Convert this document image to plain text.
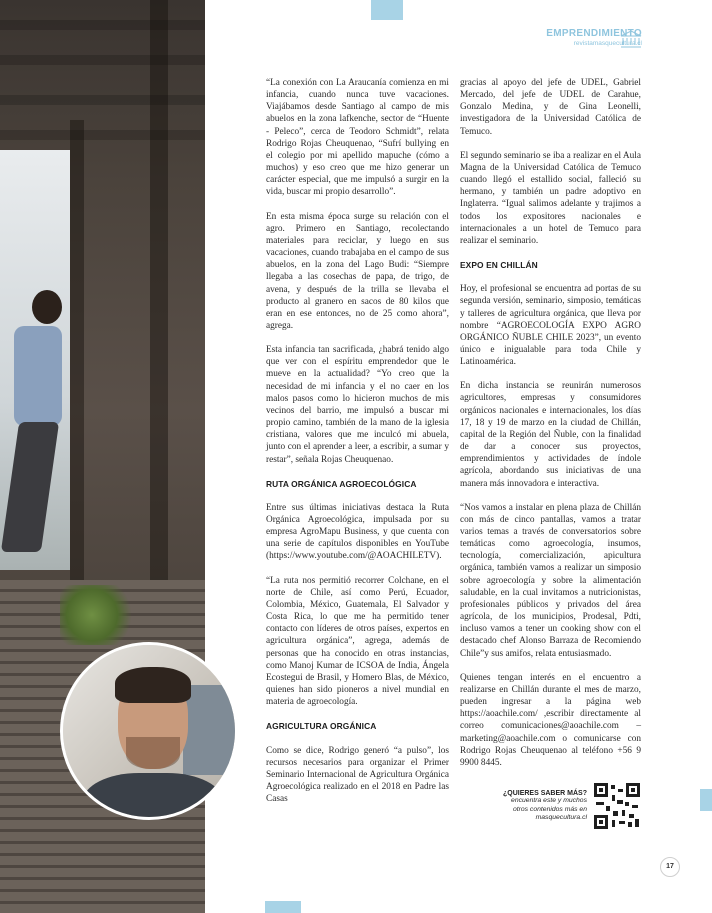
EMPRENDIMIENTO
revistamasquecultura.cl

“La conexión con La Araucanía comienza en mi infancia, cuando nunca tuve vacaciones. Viajábamos desde Santiago al campo de mis abuelos en la zona lafkenche, sector de “Huente - Peleco”, cerca de Teodoro Schmidt”, relata Rodrigo Rojas Cheuquenao, “Sufrí bullying en el colegio por mi apellido mapuche (cómo a muchos) y eso creo que me hizo generar un carácter especial, que me impulsó a surgir en la vida, buscar mi propio desarrollo”.

En esta misma época surge su relación con el agro. Primero en Santiago, recolectando materiales para reciclar, y luego en sus vacaciones, cuando trabajaba en el campo de sus abuelos, en la zona del Lago Budi: “Siempre llegaba a las cosechas de papa, de trigo, de avena, y después de la trilla se llevaba el producto al granero en sacos de 80 kilos que eran en ese entonces, no de 25 como ahora”, agrega.

Esta infancia tan sacrificada, ¿habrá tenido algo que ver con el espíritu emprendedor que le mueve en la actualidad? “Yo creo que la necesidad de mi infancia y el no caer en los malos pasos como lo hicieron muchos de mis vecinos del barrio, me impulsó a buscar mi propio camino, también de la mano de la iglesia cristiana, valores que me inculcó mi abuela, junto con el aprender a leer, a escribir, a sumar y restar”, señala Rojas Cheuquenao.

RUTA ORGÁNICA AGROECOLÓGICA

Entre sus últimas iniciativas destaca la Ruta Orgánica Agroecológica, impulsada por su empresa AgroMapu Business, y que cuenta con una serie de capítulos disponibles en YouTube (https://www.youtube.com/@AOACHILETV).

“La ruta nos permitió recorrer Colchane, en el norte de Chile, así como Perú, Ecuador, Colombia, México, Guatemala, El Salvador y Costa Rica, lo que me ha permitido tener contacto con líderes de otros países, expertos en agricultura orgánica”, agrega, además de personas que ha conocido en otras instancias, como Manoj Kumar de ICSOA de India, Ángela Ecostegui de Brasil, y Homero Blas, de México, quienes han sido pioneros a nivel mundial en materia de agroecología.

AGRICULTURA ORGÁNICA

Como se dice, Rodrigo generó “a pulso”, los recursos necesarios para organizar el Primer Seminario Internacional de Agricultura Orgánica Agroecológica realizado en el 2018 en Padre las Casas

gracias al apoyo del jefe de UDEL, Gabriel Mercado, del jefe de UDEL de Carahue, Gonzalo Medina, y de Gina Leonelli, investigadora de la Universidad Católica de Temuco.

El segundo seminario se iba a realizar en el Aula Magna de la Universidad Católica de Temuco cuando llegó el estallido social, falleció su hermano, y también un padre adoptivo en Inglaterra. “Igual salimos adelante y trajimos a todos los expositores nacionales e internacionales a un hotel de Temuco para realizar el seminario.

EXPO EN CHILLÁN

Hoy, el profesional se encuentra ad portas de su segunda versión, seminario, simposio, temáticas y talleres de agricultura orgánica, que lleva por nombre “AGROECOLOGÍA EXPO AGRO ORGÁNICO ÑUBLE CHILE 2023”, un evento único e inigualable para toda Chile y Latinoamérica.

En dicha instancia se reunirán numerosos agricultores, empresas y consumidores orgánicos nacionales e internacionales, los días 17, 18 y 19 de marzo en la ciudad de Chillán, capital de la Región del Ñuble, con la finalidad de dar a conocer sus proyectos, emprendimientos y actividades de índole agrícola, abordando sus iniciativas de una manera más innovadora e interactiva.

“Nos vamos a instalar en plena plaza de Chillán con más de cinco pantallas, vamos a tratar varios temas a través de conversatorios sobre temáticas como agroecología, insumos, tecnología, comercialización, apicultura orgánica, también vamos a realizar un simposio sobre agroecología y sobre la alimentación saludable, en la cual invitamos a nutricionistas, profesionales públicos y privados del área agrícola, de los municipios, Prodesal, Pdti, incluso vamos a tener un cooking show con el destacado chef Alonso Barraza de Recomiendo Chile”y sus amifos, relata entusiasmado.

Quienes tengan interés en el encuentro a realizarse en Chillán durante el mes de marzo, pueden ingresar a la página web https://aoachile.com/ ,escribir directamente al correo comunicaciones@aoachile.com – marketing@aoachile.com o comunicarse con Rodrigo Rojas Cheuquenao al teléfono +56 9 9900 8445.

¿QUIERES SABER MÁS?
encuentra este y muchos otros contenidos más en masquecultura.cl
17
